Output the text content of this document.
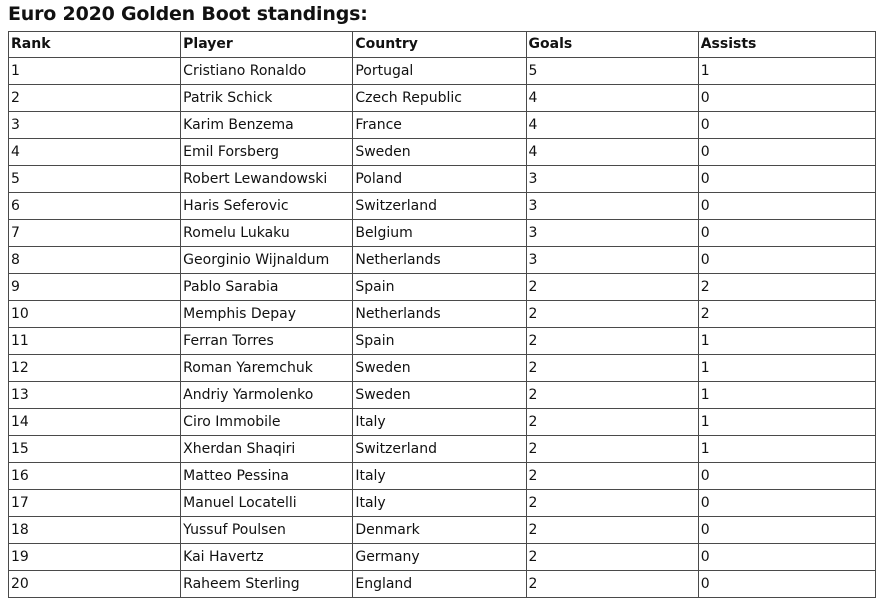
Euro 2020 Golden Boot standings:
Rank	Player	Country	Goals	Assists
1	Cristiano Ronaldo	Portugal	5	1
2	Patrik Schick	Czech Republic	4	0
3	Karim Benzema	France	4	0
4	Emil Forsberg	Sweden	4	0
5	Robert Lewandowski	Poland	3	0
6	Haris Seferovic	Switzerland	3	0
7	Romelu Lukaku	Belgium	3	0
8	Georginio Wijnaldum	Netherlands	3	0
9	Pablo Sarabia	Spain	2	2
10	Memphis Depay	Netherlands	2	2
11	Ferran Torres	Spain	2	1
12	Roman Yaremchuk	Sweden	2	1
13	Andriy Yarmolenko	Sweden	2	1
14	Ciro Immobile	Italy	2	1
15	Xherdan Shaqiri	Switzerland	2	1
16	Matteo Pessina	Italy	2	0
17	Manuel Locatelli	Italy	2	0
18	Yussuf Poulsen	Denmark	2	0
19	Kai Havertz	Germany	2	0
20	Raheem Sterling	England	2	0
